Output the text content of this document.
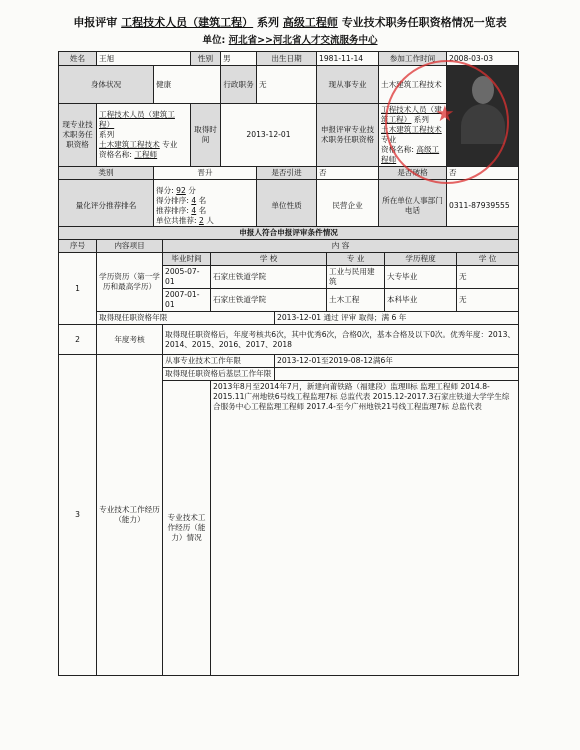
申报评审 工程技术人员（建筑工程） 系列 高级工程师 专业技术职务任职资格情况一览表
单位: 河北省>>河北省人才交流服务中心
姓名	王旭		性别	男	出生日期	1981-11-14	参加工作时间	2008-03-03
身体状况		健康		行政职务	无	现从事专业	土木建筑工程技术	

现专业技术职务任职资格	工程技术人员（建筑工程）
系列
土木建筑工程技术 专业
资格名称: 工程师		取得时间	2013-12-01		申报评审专业技术职务任职资格	工程技术人员（建筑工程） 系列
土木建筑工程技术 专业
资格名称: 高级工程师	
类别		晋升			是否引进	否	是否破格	否
量化评分推荐排名		得分: 92 分
得分排序: 4 名
推荐排序: 4 名
单位共推荐: 2 人			单位性质	民营企业	所在单位人事部门电话	0311-87939555
申报人符合申报评审条件情况							
序号	内容项目	内 容					
1	学历资历（第一学历和最高学历）	毕业时间	学 校		专 业	学历程度	学 位
		2005-07-01	石家庄铁道学院		工业与民用建筑	大专毕业	无
		2007-01-01	石家庄铁道学院		土木工程	本科毕业	无
	取得现任职资格年限			2013-12-01 通过 评审 取得；满 6 年			
2	年度考核	取得现任职资格后，年度考核共6次，其中优秀6次，合格0次，基本合格及以下0次。优秀年度：2013、2014、2015、2016、2017、2018					
3	专业技术工作经历（能力）	从事专业技术工作年限		2013-12-01至2019-08-12满6年			
		取得现任职资格后基层工作年限					
		专业技术工作经历（能力）情况	2013年8月至2014年7月，新建向莆铁路（福建段）监理II标 监理工程师 2014.8-2015.11广州地铁6号线工程监理7标 总监代表 2015.12-2017.3石家庄铁道大学学生综合服务中心工程监理工程师 2017.4-至今广州地铁21号线工程监理7标 总监代表				
★
